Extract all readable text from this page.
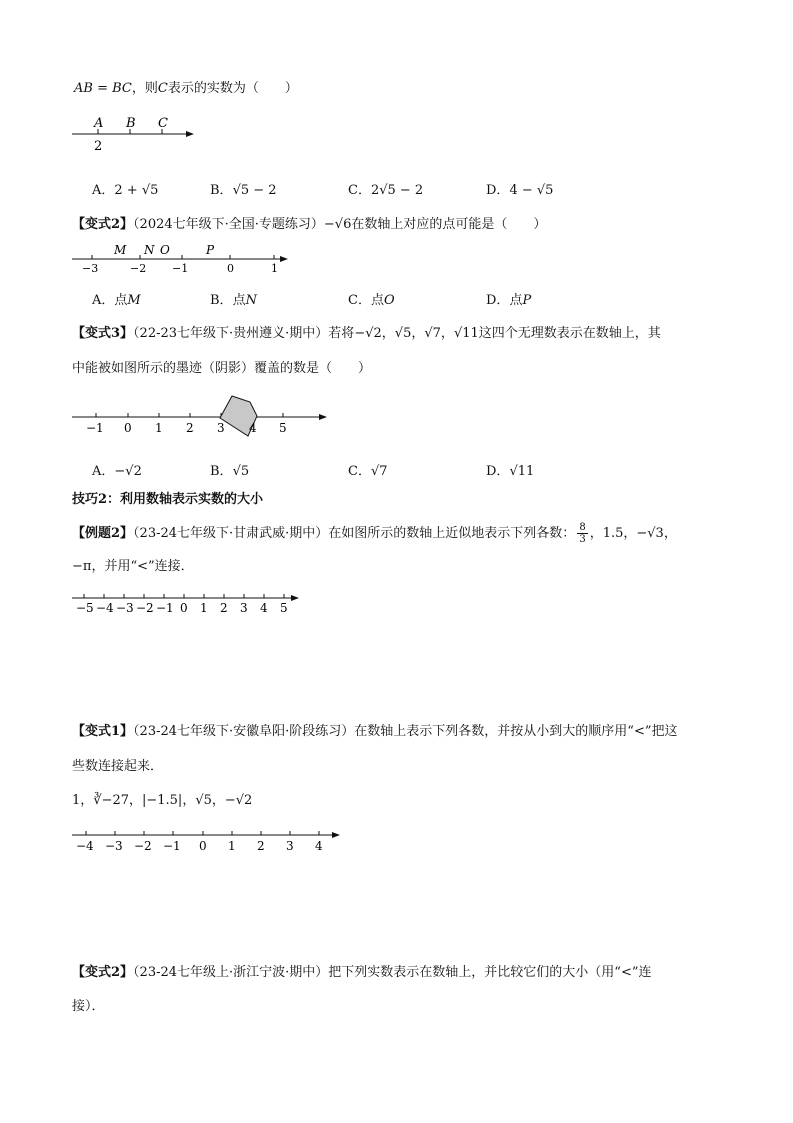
AB = BC，则C表示的实数为（　　）
A B C
2
A．2 + √5	B．√5 − 2	C．2√5 − 2	D．4 − √5
【变式2】（2024七年级下·全国·专题练习）−√6在数轴上对应的点可能是（　　）
M N O	P
−3	−2 −1	0	1
A．点M	B．点N	C．点O	D．点P
【变式3】（22-23七年级下·贵州遵义·期中）若将−√2，√5，√7，√11这四个无理数表示在数轴上，其
中能被如图所示的墨迹（阴影）覆盖的数是（　　）
−1 0 1 2 3 4 5
A．−√2	B．√5	C．√7	D．√11
技巧2：利用数轴表示实数的大小
【例题2】（23-24七年级下·甘肃武威·期中）在如图所示的数轴上近似地表示下列各数： $\frac{8}{3}$ ，1.5，−√3，
−π，并用“<”连接．
−5 −4 −3 −2 −1 0 1 2 3 4 5
【变式1】（23-24七年级下·安徽阜阳·阶段练习）在数轴上表示下列各数，并按从小到大的顺序用“<”把这
些数连接起来．
1，∛−27，|−1.5|，√5，−√2
−4 −3 −2 −1 0 1 2 3 4
【变式2】（23-24七年级上·浙江宁波·期中）把下列实数表示在数轴上，并比较它们的大小（用“<”连
接）．
